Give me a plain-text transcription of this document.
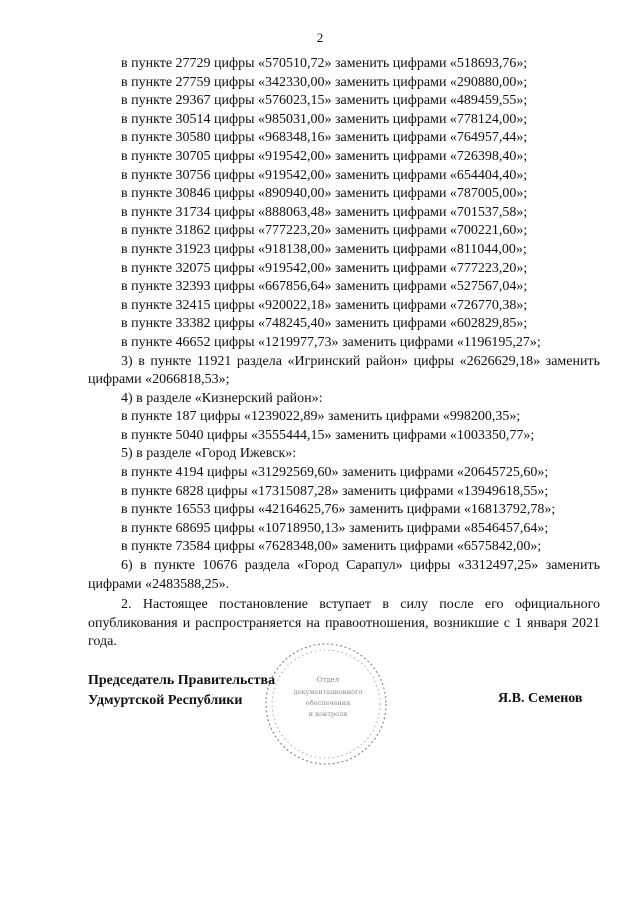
2
в пункте 27729 цифры «570510,72» заменить цифрами «518693,76»;
в пункте 27759 цифры «342330,00» заменить цифрами «290880,00»;
в пункте 29367 цифры «576023,15» заменить цифрами «489459,55»;
в пункте 30514 цифры «985031,00» заменить цифрами «778124,00»;
в пункте 30580 цифры «968348,16» заменить цифрами «764957,44»;
в пункте 30705 цифры «919542,00» заменить цифрами «726398,40»;
в пункте 30756 цифры «919542,00» заменить цифрами «654404,40»;
в пункте 30846 цифры «890940,00» заменить цифрами «787005,00»;
в пункте 31734 цифры «888063,48» заменить цифрами «701537,58»;
в пункте 31862 цифры «777223,20» заменить цифрами «700221,60»;
в пункте 31923 цифры «918138,00» заменить цифрами «811044,00»;
в пункте 32075 цифры «919542,00» заменить цифрами «777223,20»;
в пункте 32393 цифры «667856,64» заменить цифрами «527567,04»;
в пункте 32415 цифры «920022,18» заменить цифрами «726770,38»;
в пункте 33382 цифры «748245,40» заменить цифрами «602829,85»;
в пункте 46652 цифры «1219977,73» заменить цифрами «1196195,27»;
3) в пункте 11921 раздела «Игринский район» цифры «2626629,18» заменить цифрами «2066818,53»;
4) в разделе «Кизнерский район»:
в пункте 187 цифры «1239022,89» заменить цифрами «998200,35»;
в пункте 5040 цифры «3555444,15» заменить цифрами «1003350,77»;
5) в разделе «Город Ижевск»:
в пункте 4194 цифры «31292569,60» заменить цифрами «20645725,60»;
в пункте 6828 цифры «17315087,28» заменить цифрами «13949618,55»;
в пункте 16553 цифры «42164625,76» заменить цифрами «16813792,78»;
в пункте 68695 цифры «10718950,13» заменить цифрами «8546457,64»;
в пункте 73584 цифры «7628348,00» заменить цифрами «6575842,00»;
6) в пункте 10676 раздела «Город Сарапул» цифры «3312497,25» заменить цифрами «2483588,25».
2. Настоящее постановление вступает в силу после его официального опубликования и распространяется на правоотношения, возникшие с 1 января 2021 года.
Отдел
документационного
обеспечения
и контроля
Председатель Правительства
Удмуртской Республики	Я.В. Семенов
